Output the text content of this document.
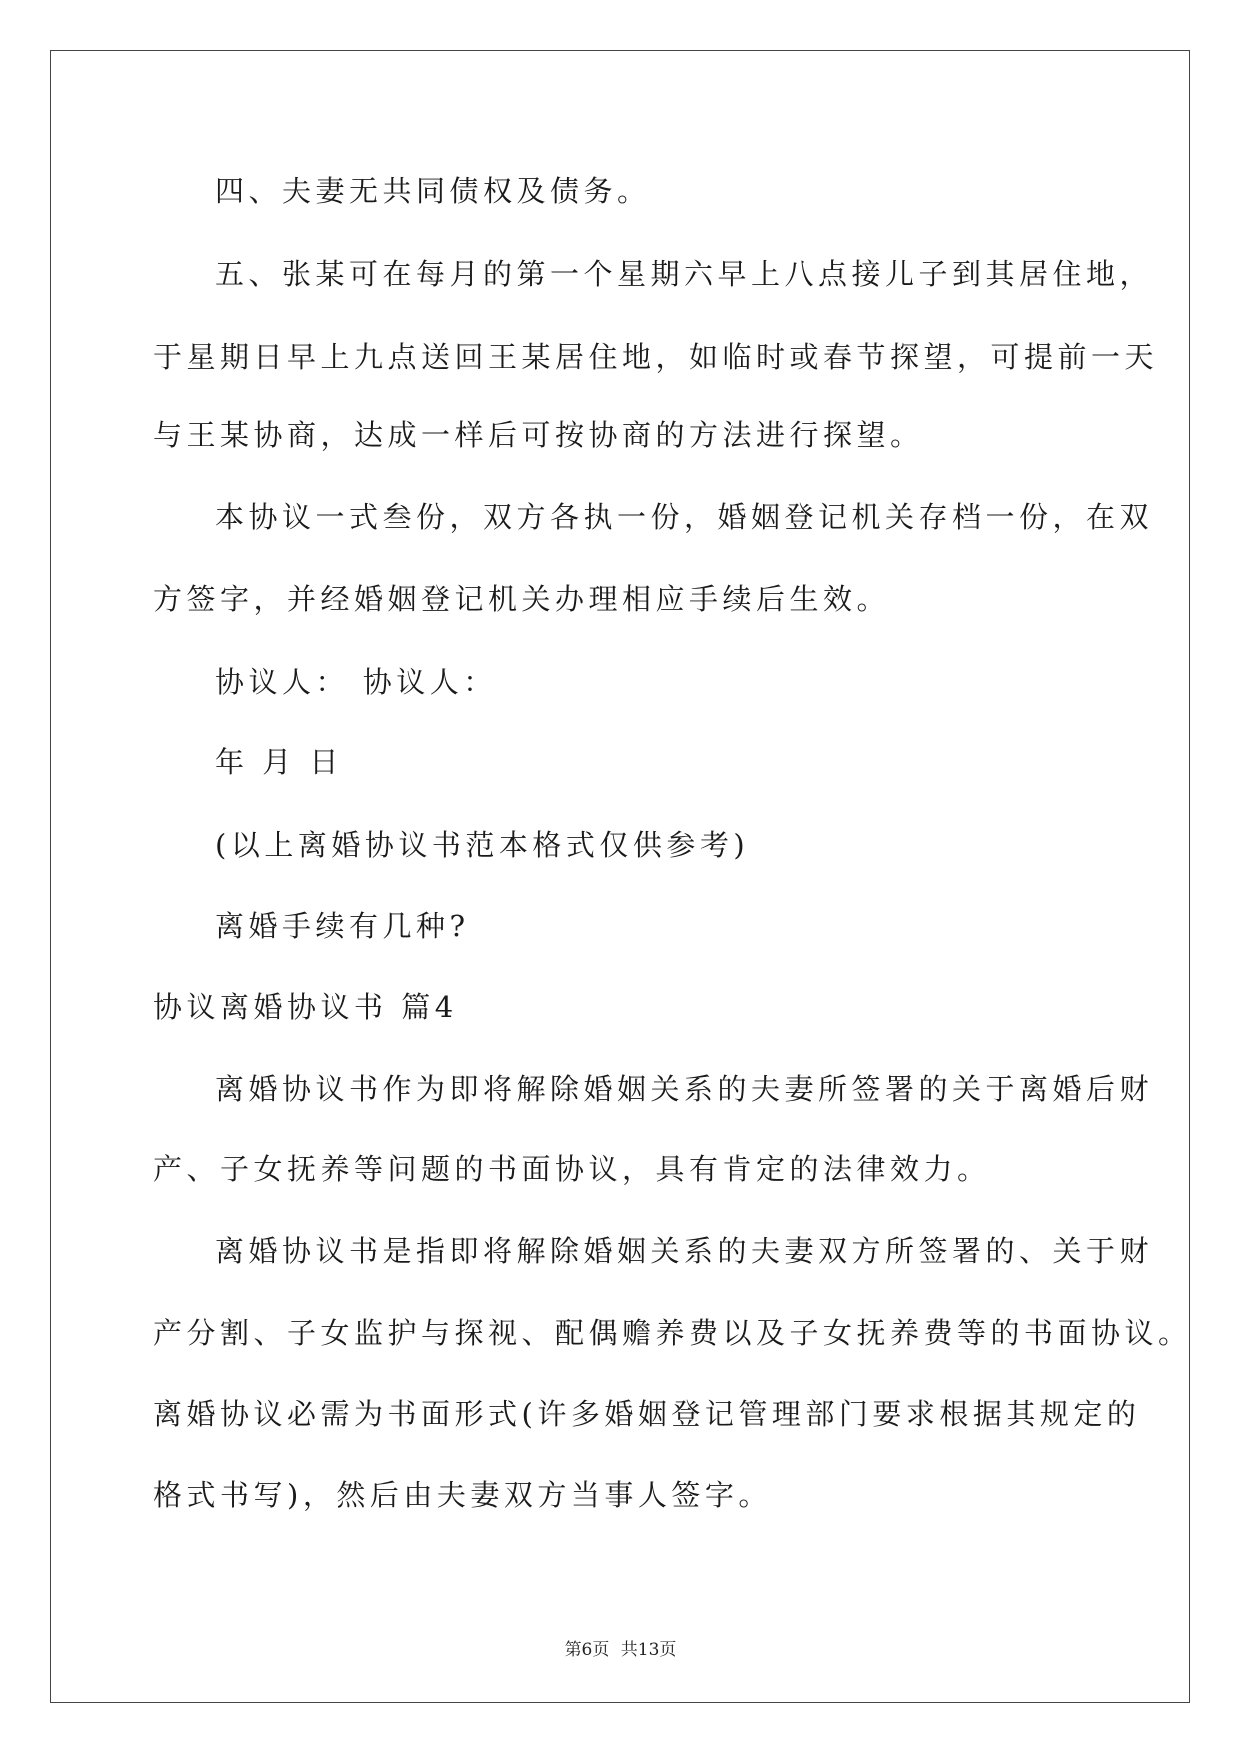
四、夫妻无共同债权及债务。
五、张某可在每月的第一个星期六早上八点接儿子到其居住地，
于星期日早上九点送回王某居住地，如临时或春节探望，可提前一天
与王某协商，达成一样后可按协商的方法进行探望。
本协议一式叁份，双方各执一份，婚姻登记机关存档一份，在双
方签字，并经婚姻登记机关办理相应手续后生效。
协议人： 协议人：
年 月 日
(以上离婚协议书范本格式仅供参考)
离婚手续有几种?
协议离婚协议书 篇4
离婚协议书作为即将解除婚姻关系的夫妻所签署的关于离婚后财
产、子女抚养等问题的书面协议，具有肯定的法律效力。
离婚协议书是指即将解除婚姻关系的夫妻双方所签署的、关于财
产分割、子女监护与探视、配偶赡养费以及子女抚养费等的书面协议。
离婚协议必需为书面形式(许多婚姻登记管理部门要求根据其规定的
格式书写)，然后由夫妻双方当事人签字。
第6页 共13页
